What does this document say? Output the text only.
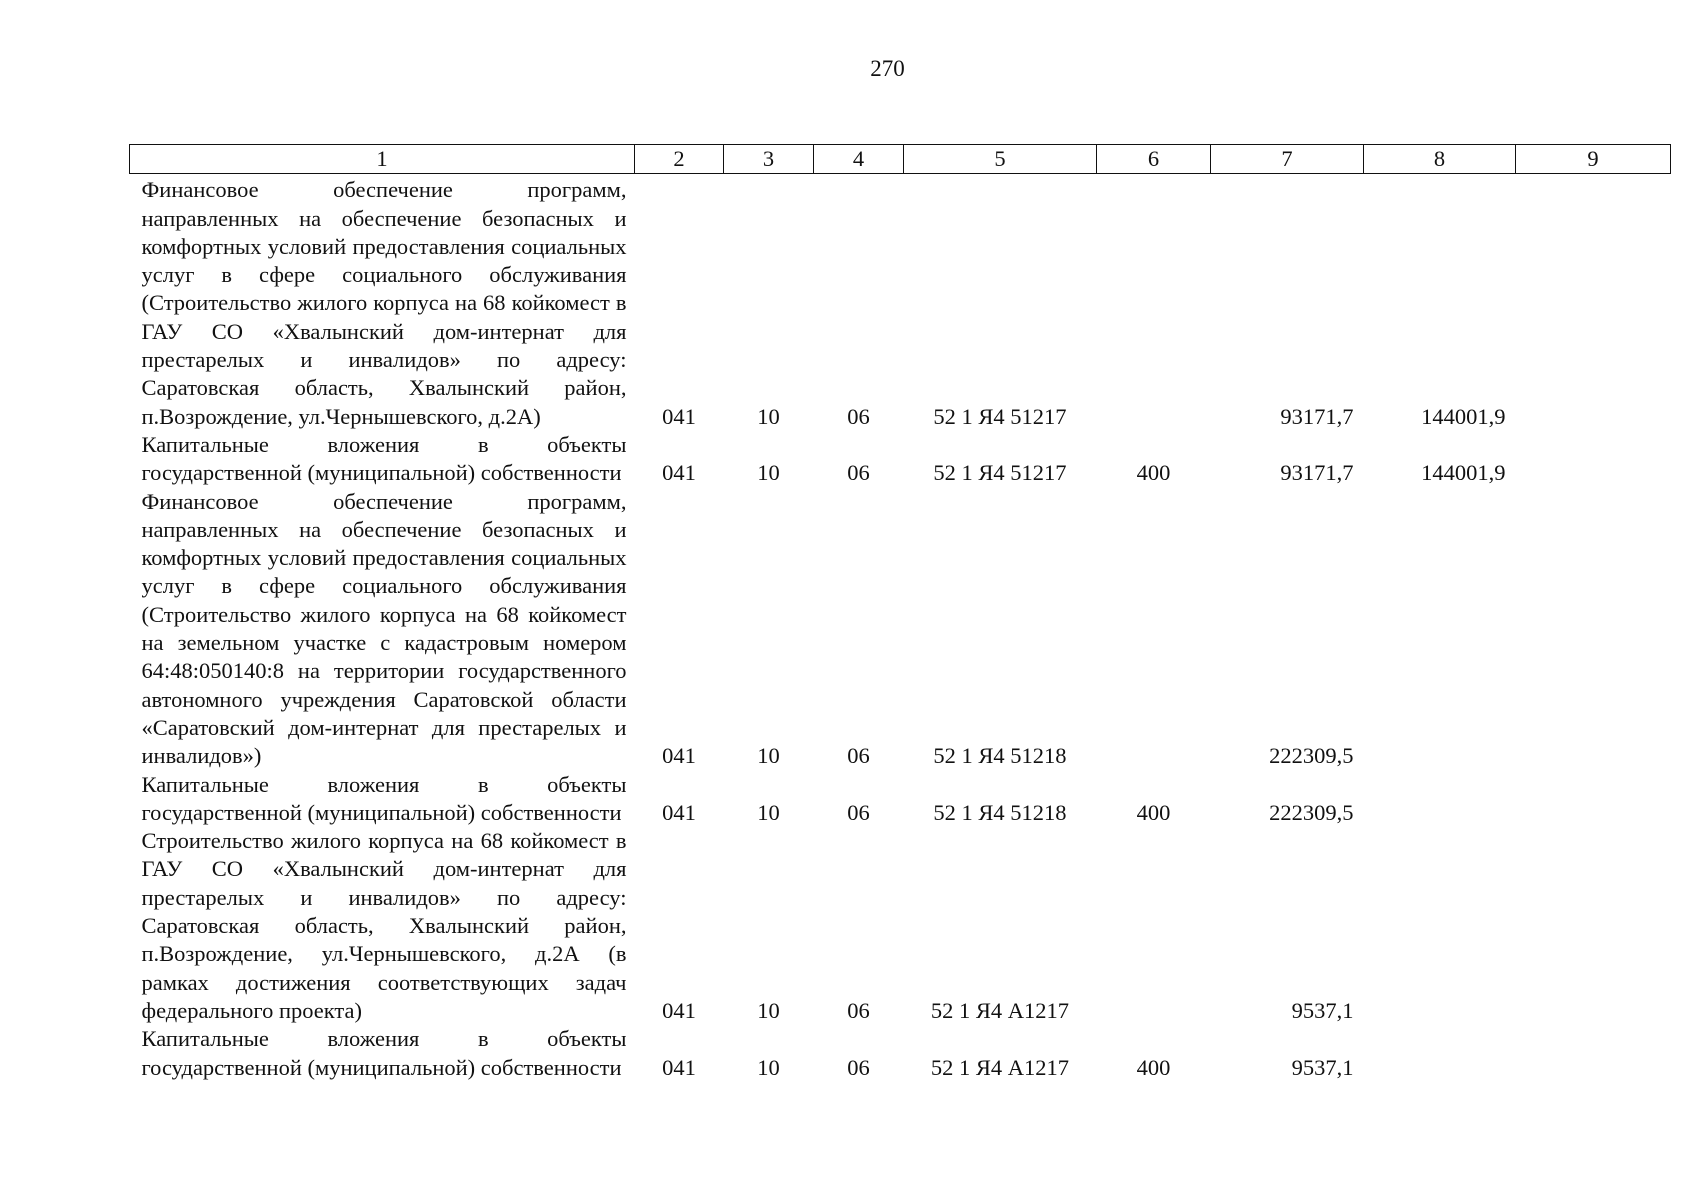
270
1	2	3	4	5	6	7	8	9
Финансовое обеспечение программ, направленных на обеспечение безопасных и комфортных условий предоставления социальных услуг в сфере социального обслуживания (Строительство жилого корпуса на 68 койкомест в ГАУ СО «Хвалынский дом-интернат для престарелых и инвалидов» по адресу: Саратовская область, Хвалынский район, п.Возрождение, ул.Чернышевского, д.2А)	041	10	06	52 1 Я4 51217		93171,7	144001,9	
Капитальные вложения в объекты государственной (муниципальной) собственности	041	10	06	52 1 Я4 51217	400	93171,7	144001,9	
Финансовое обеспечение программ, направленных на обеспечение безопасных и комфортных условий предоставления социальных услуг в сфере социального обслуживания (Строительство жилого корпуса на 68 койкомест на земельном участке с кадастровым номером 64:48:050140:8 на территории государственного автономного учреждения Саратовской области «Саратовский дом-интернат для престарелых и инвалидов»)	041	10	06	52 1 Я4 51218		222309,5		
Капитальные вложения в объекты государственной (муниципальной) собственности	041	10	06	52 1 Я4 51218	400	222309,5		
Строительство жилого корпуса на 68 койкомест в ГАУ СО «Хвалынский дом-интернат для престарелых и инвалидов» по адресу: Саратовская область, Хвалынский район, п.Возрождение, ул.Чернышевского, д.2А (в рамках достижения соответствующих задач федерального проекта)	041	10	06	52 1 Я4 А1217		9537,1		
Капитальные вложения в объекты государственной (муниципальной) собственности	041	10	06	52 1 Я4 А1217	400	9537,1		
